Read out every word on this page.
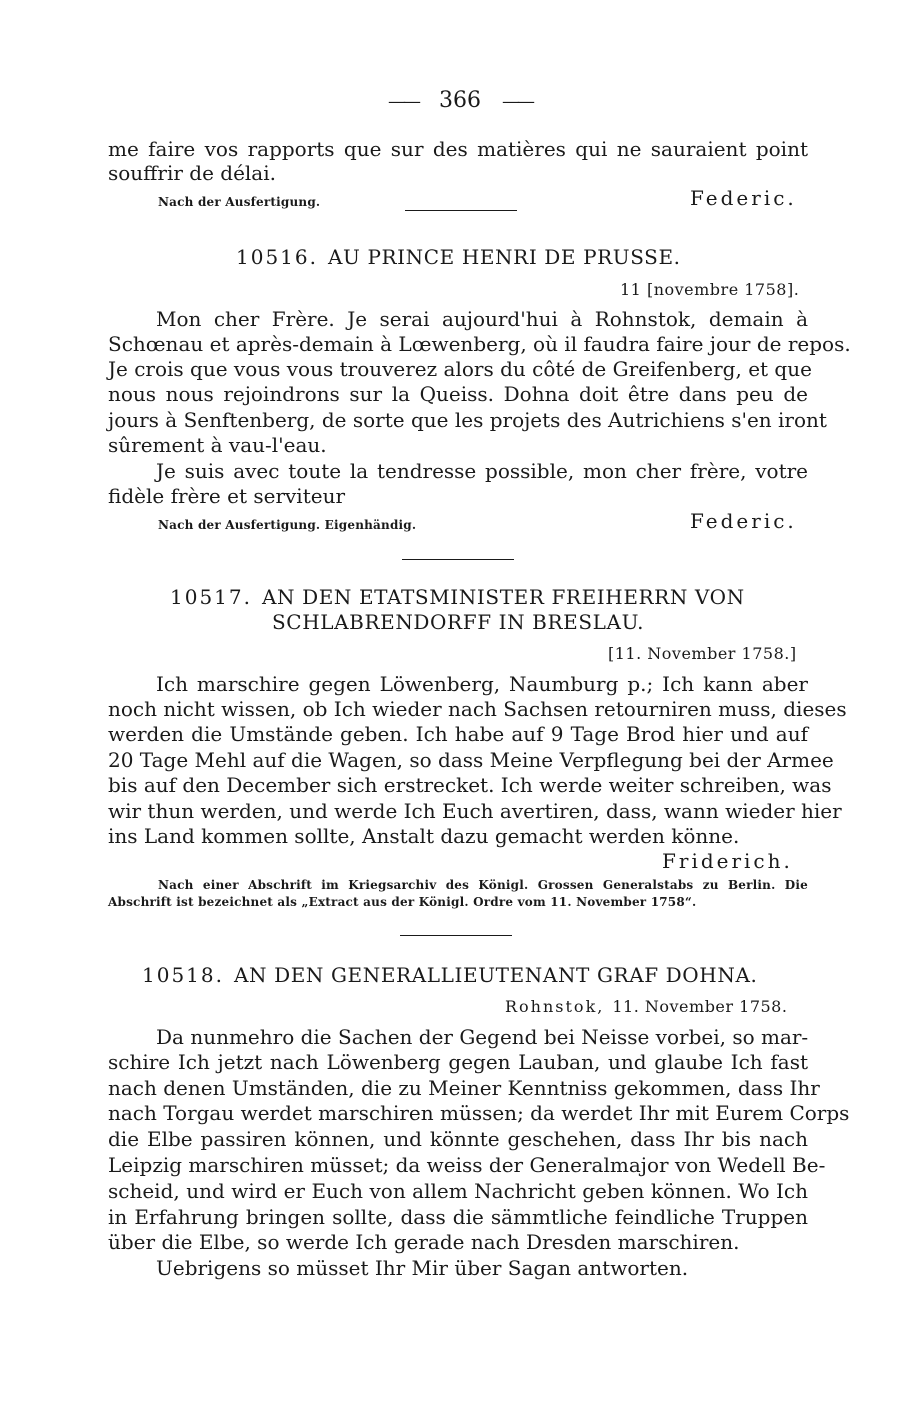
—— 366 ——
me faire vos rapports que sur des matières qui ne sauraient point
souffrir de délai.
Nach der Ausfertigung.	Federic.
10516. AU PRINCE HENRI DE PRUSSE.
11 [novembre 1758].
Mon cher Frère. Je serai aujourd'hui à Rohnstok, demain à
Schœnau et après-demain à Lœwenberg, où il faudra faire jour de repos.
Je crois que vous vous trouverez alors du côté de Greifenberg, et que
nous nous rejoindrons sur la Queiss. Dohna doit être dans peu de
jours à Senftenberg, de sorte que les projets des Autrichiens s'en iront
sûrement à vau-l'eau.
Je suis avec toute la tendresse possible, mon cher frère, votre
fidèle frère et serviteur
Nach der Ausfertigung. Eigenhändig.	Federic.
10517. AN DEN ETATSMINISTER FREIHERRN VON
SCHLABRENDORFF IN BRESLAU.
[11. November 1758.]
Ich marschire gegen Löwenberg, Naumburg p.; Ich kann aber
noch nicht wissen, ob Ich wieder nach Sachsen retourniren muss, dieses
werden die Umstände geben. Ich habe auf 9 Tage Brod hier und auf
20 Tage Mehl auf die Wagen, so dass Meine Verpflegung bei der Armee
bis auf den December sich erstrecket. Ich werde weiter schreiben, was
wir thun werden, und werde Ich Euch avertiren, dass, wann wieder hier
ins Land kommen sollte, Anstalt dazu gemacht werden könne.
Friderich.
Nach einer Abschrift im Kriegsarchiv des Königl. Grossen Generalstabs zu Berlin. Die
Abschrift ist bezeichnet als „Extract aus der Königl. Ordre vom 11. November 1758“.
10518. AN DEN GENERALLIEUTENANT GRAF DOHNA.
Rohnstok, 11. November 1758.
Da nunmehro die Sachen der Gegend bei Neisse vorbei, so mar-
schire Ich jetzt nach Löwenberg gegen Lauban, und glaube Ich fast
nach denen Umständen, die zu Meiner Kenntniss gekommen, dass Ihr
nach Torgau werdet marschiren müssen; da werdet Ihr mit Eurem Corps
die Elbe passiren können, und könnte geschehen, dass Ihr bis nach
Leipzig marschiren müsset; da weiss der Generalmajor von Wedell Be-
scheid, und wird er Euch von allem Nachricht geben können. Wo Ich
in Erfahrung bringen sollte, dass die sämmtliche feindliche Truppen
über die Elbe, so werde Ich gerade nach Dresden marschiren.
Uebrigens so müsset Ihr Mir über Sagan antworten.
